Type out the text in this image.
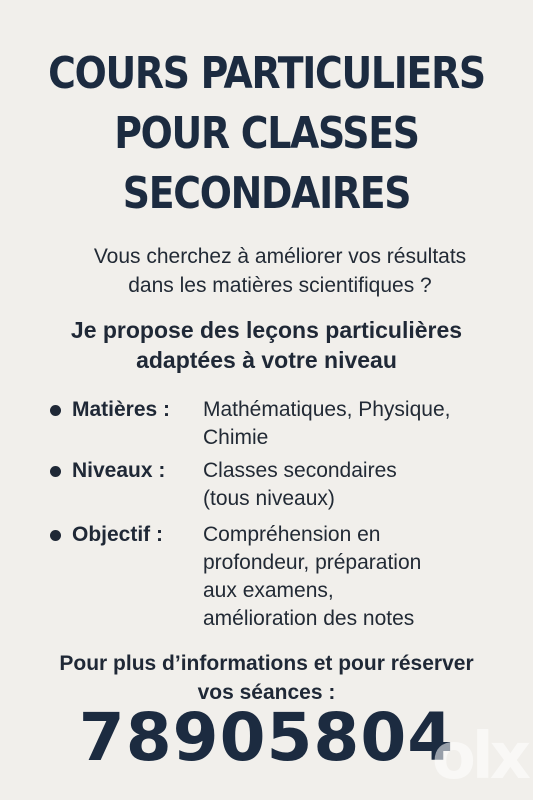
COURS PARTICULIERS
POUR CLASSES
SECONDAIRES
Vous cherchez à améliorer vos résultats
dans les matières scientifiques ?
Je propose des leçons particulières
adaptées à votre niveau
Matières : Mathématiques, Physique,
Chimie
Niveaux : Classes secondaires
(tous niveaux)
Objectif : Compréhension en
profondeur, préparation
aux examens,
amélioration des notes
Pour plus d’informations et pour réserver
vos séances :
78905804
olx
